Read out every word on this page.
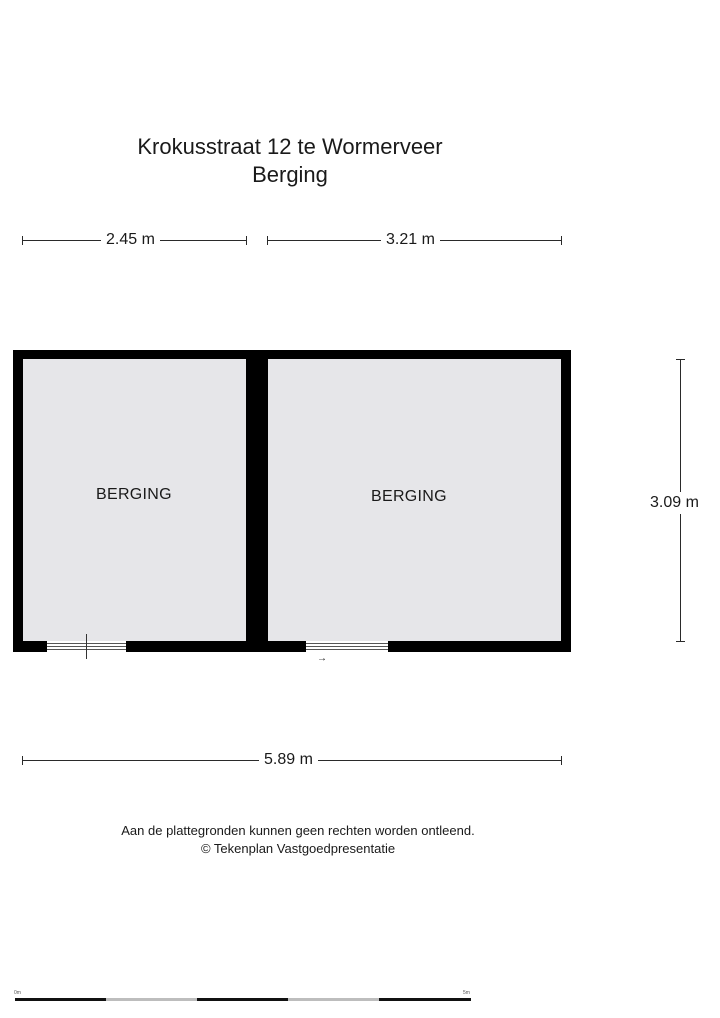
Krokusstraat 12 te Wormerveer
Berging
2.45 m	3.21 m
BERGING	BERGING
→
3.09 m
5.89 m
Aan de plattegronden kunnen geen rechten worden ontleend.
© Tekenplan Vastgoedpresentatie
0m	5m
